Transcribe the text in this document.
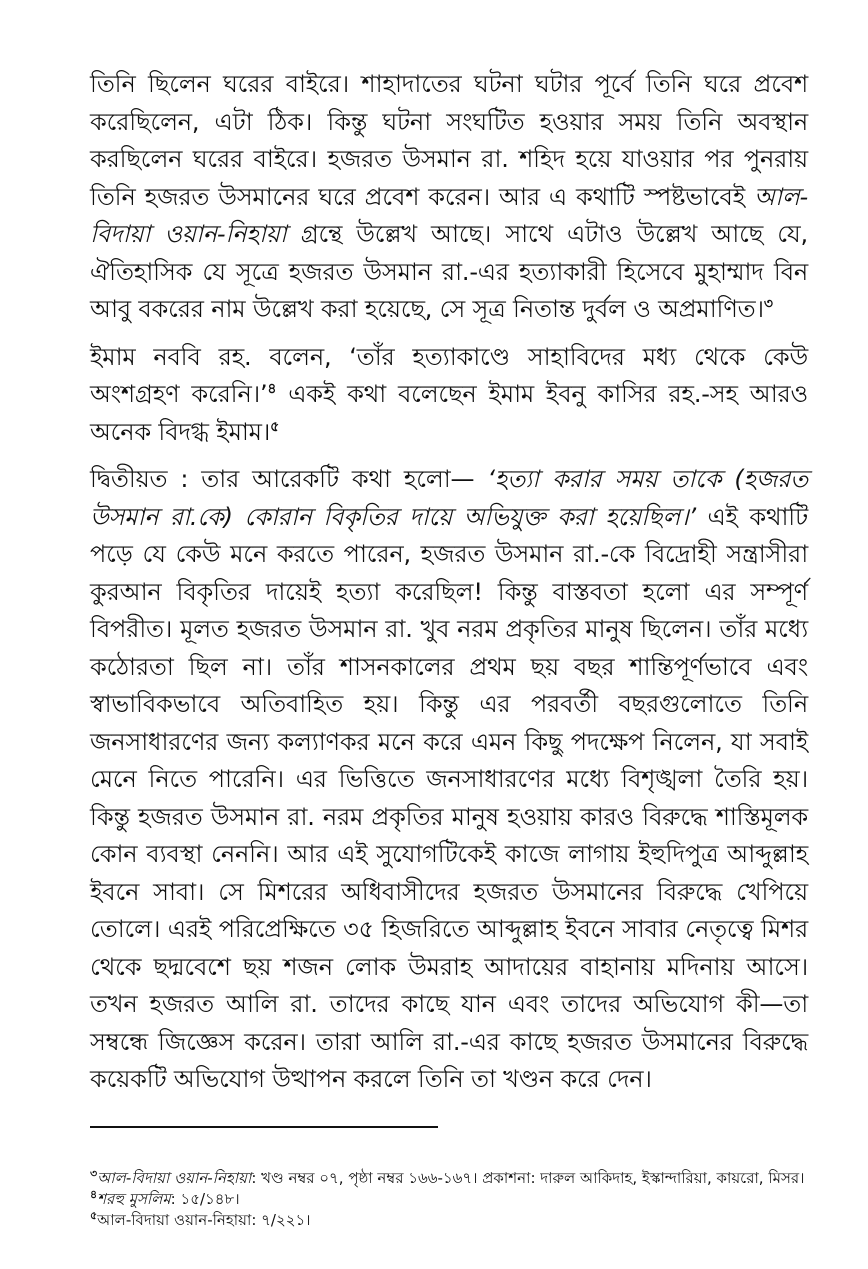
তিনি ছিলেন ঘরের বাইরে। শাহাদাতের ঘটনা ঘটার পূর্বে তিনি ঘরে প্রবেশ করেছিলেন, এটা ঠিক। কিন্তু ঘটনা সংঘটিত হওয়ার সময় তিনি অবস্থান করছিলেন ঘরের বাইরে। হজরত উসমান রা. শহিদ হয়ে যাওয়ার পর পুনরায় তিনি হজরত উসমানের ঘরে প্রবেশ করেন। আর এ কথাটি স্পষ্টভাবেই আল-বিদায়া ওয়ান-নিহায়া গ্রন্থে উল্লেখ আছে। সাথে এটাও উল্লেখ আছে যে, ঐতিহাসিক যে সূত্রে হজরত উসমান রা.-এর হত্যাকারী হিসেবে মুহাম্মাদ বিন আবু বকরের নাম উল্লেখ করা হয়েছে, সে সূত্র নিতান্ত দুর্বল ও অপ্রমাণিত।$^৩$

ইমাম নববি রহ. বলেন, ‘তাঁর হত্যাকাণ্ডে সাহাবিদের মধ্য থেকে কেউ অংশগ্রহণ করেনি।’$^৪$ একই কথা বলেছেন ইমাম ইবনু কাসির রহ.-সহ আরও অনেক বিদগ্ধ ইমাম।$^৫$

দ্বিতীয়ত : তার আরেকটি কথা হলো— ‘হত্যা করার সময় তাকে (হজরত উসমান রা.কে) কোরান বিকৃতির দায়ে অভিযুক্ত করা হয়েছিল।’ এই কথাটি পড়ে যে কেউ মনে করতে পারেন, হজরত উসমান রা.-কে বিদ্রোহী সন্ত্রাসীরা কুরআন বিকৃতির দায়েই হত্যা করেছিল! কিন্তু বাস্তবতা হলো এর সম্পূর্ণ বিপরীত। মূলত হজরত উসমান রা. খুব নরম প্রকৃতির মানুষ ছিলেন। তাঁর মধ্যে কঠোরতা ছিল না। তাঁর শাসনকালের প্রথম ছয় বছর শান্তিপূর্ণভাবে এবং স্বাভাবিকভাবে অতিবাহিত হয়। কিন্তু এর পরবর্তী বছরগুলোতে তিনি জনসাধারণের জন্য কল্যাণকর মনে করে এমন কিছু পদক্ষেপ নিলেন, যা সবাই মেনে নিতে পারেনি। এর ভিত্তিতে জনসাধারণের মধ্যে বিশৃঙ্খলা তৈরি হয়। কিন্তু হজরত উসমান রা. নরম প্রকৃতির মানুষ হওয়ায় কারও বিরুদ্ধে শাস্তিমূলক কোন ব্যবস্থা নেননি। আর এই সুযোগটিকেই কাজে লাগায় ইহুদিপুত্র আব্দুল্লাহ ইবনে সাবা। সে মিশরের অধিবাসীদের হজরত উসমানের বিরুদ্ধে খেপিয়ে তোলে। এরই পরিপ্রেক্ষিতে ৩৫ হিজরিতে আব্দুল্লাহ ইবনে সাবার নেতৃত্বে মিশর থেকে ছদ্মবেশে ছয় শজন লোক উমরাহ আদায়ের বাহানায় মদিনায় আসে। তখন হজরত আলি রা. তাদের কাছে যান এবং তাদের অভিযোগ কী—তা সম্বন্ধে জিজ্ঞেস করেন। তারা আলি রা.-এর কাছে হজরত উসমানের বিরুদ্ধে কয়েকটি অভিযোগ উত্থাপন করলে তিনি তা খণ্ডন করে দেন।

$^৩$আল-বিদায়া ওয়ান-নিহায়া: খণ্ড নম্বর ০৭, পৃষ্ঠা নম্বর ১৬৬-১৬৭। প্রকাশনা: দারুল আকিদাহ, ইস্কান্দারিয়া, কায়রো, মিসর।

$^৪$শরহু মুসলিম: ১৫/১৪৮।

$^৫$আল-বিদায়া ওয়ান-নিহায়া: ৭/২২১।
